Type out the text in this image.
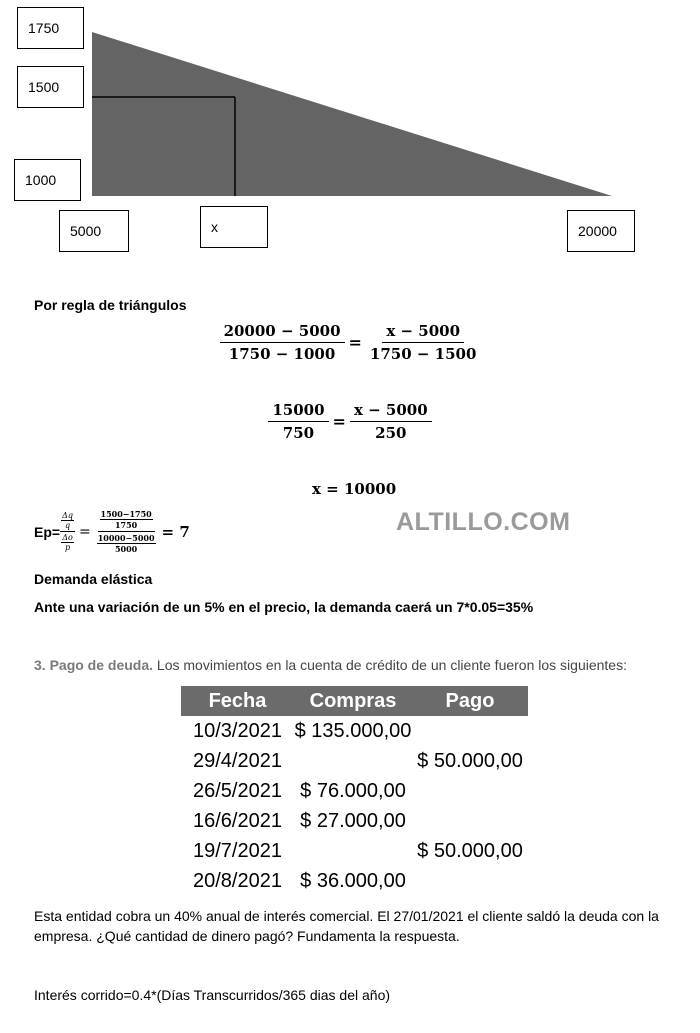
1750
1500
1000
5000	x	20000
Por regla de triángulos
$\frac{20000 - 5000}{1750 - 1000} = \frac{x - 5000}{1750 - 1500}$
$\frac{15000}{750} = \frac{x - 5000}{250}$
x = 10000
Ep= Δq
q
Δo
p = 1500−1750
1750
10000−5000
5000 = 7	ALTILLO.COM
Demanda elástica
Ante una variación de un 5% en el precio, la demanda caerá un 7*0.05=35%
3. Pago de deuda. Los movimientos en la cuenta de crédito de un cliente fueron los siguientes:
Fecha	Compras	Pago
10/3/2021	$ 135.000,00	
29/4/2021		$ 50.000,00
26/5/2021	$ 76.000,00	
16/6/2021	$ 27.000,00	
19/7/2021		$ 50.000,00
20/8/2021	$ 36.000,00	
Esta entidad cobra un 40% anual de interés comercial. El 27/01/2021 el cliente saldó la deuda con la
empresa. ¿Qué cantidad de dinero pagó? Fundamenta la respuesta.
Interés corrido=0.4*(Días Transcurridos/365 dias del año)
